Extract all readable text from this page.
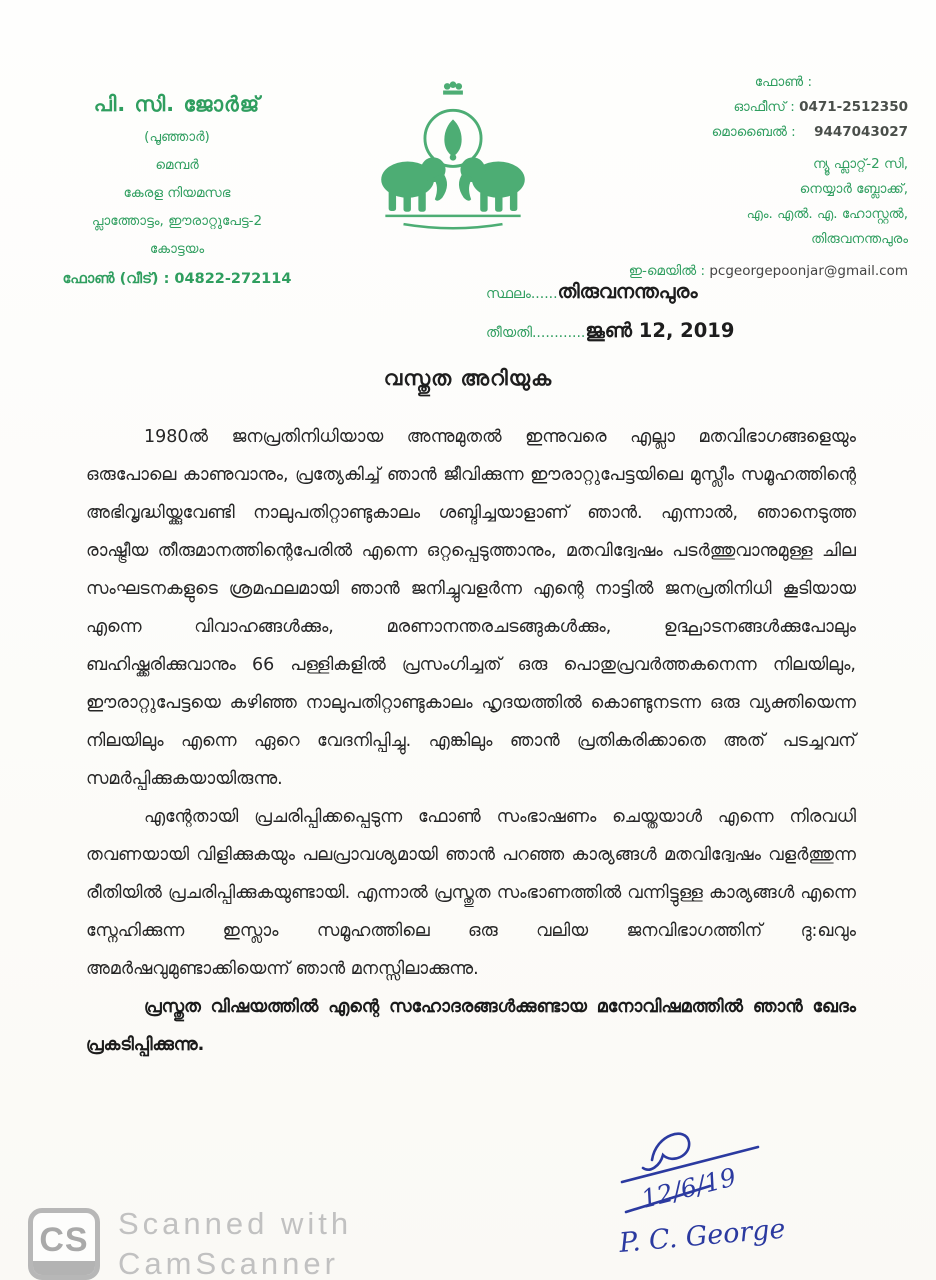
പി. സി. ജോർജ്
(പൂഞ്ഞാർ)
മെമ്പർ
കേരള നിയമസഭ
പ്ലാത്തോട്ടം, ഈരാറ്റുപേട്ട-2
കോട്ടയം
ഫോൺ (വീട്) : 04822-272114
ഫോൺ :
ഓഫീസ് : 0471-2512350
മൊബൈൽ : 9447043027
ന്യൂ ഫ്ലാറ്റ്-2 സി,
നെയ്യാർ ബ്ലോക്ക്,
എം. എൽ. എ. ഹോസ്റ്റൽ,
തിരുവനന്തപുരം
ഇ-മെയിൽ : pcgeorgepoonjar@gmail.com
സ്ഥലം......തിരുവനന്തപുരം
തീയതി............ജൂൺ 12, 2019
വസ്തുത അറിയുക

1980ൽ ജനപ്രതിനിധിയായ അന്നുമുതൽ ഇന്നുവരെ എല്ലാ മതവിഭാഗങ്ങളെയും ഒരുപോലെ കാണുവാനും, പ്രത്യേകിച്ച് ഞാൻ ജീവിക്കുന്ന ഈരാറ്റുപേട്ടയിലെ മുസ്ലീം സമൂഹത്തിന്റെ അഭിവൃദ്ധിയ്ക്കുവേണ്ടി നാലുപതിറ്റാണ്ടുകാലം ശബ്ദിച്ചയാളാണ് ഞാൻ. എന്നാൽ, ഞാനെടുത്ത രാഷ്ട്രീയ തീരുമാനത്തിന്റെപേരിൽ എന്നെ ഒറ്റപ്പെടുത്താനും, മതവിദ്വേഷം പടർത്തുവാനുമുള്ള ചില സംഘടനകളുടെ ശ്രമഫലമായി ഞാൻ ജനിച്ചുവളർന്ന എന്റെ നാട്ടിൽ ജനപ്രതിനിധി കൂടിയായ എന്നെ വിവാഹങ്ങൾക്കും, മരണാനന്തരചടങ്ങുകൾക്കും, ഉദ്ഘാടനങ്ങൾക്കുപോലും ബഹിഷ്ക്കരിക്കുവാനും 66 പള്ളികളിൽ പ്രസംഗിച്ചത് ഒരു പൊതുപ്രവർത്തകനെന്ന നിലയിലും, ഈരാറ്റുപേട്ടയെ കഴിഞ്ഞ നാലുപതിറ്റാണ്ടുകാലം ഹൃദയത്തിൽ കൊണ്ടുനടന്ന ഒരു വ്യക്തിയെന്ന നിലയിലും എന്നെ ഏറെ വേദനിപ്പിച്ചു. എങ്കിലും ഞാൻ പ്രതികരിക്കാതെ അത് പടച്ചവന് സമർപ്പിക്കുകയായിരുന്നു.

എന്റേതായി പ്രചരിപ്പിക്കപ്പെടുന്ന ഫോൺ സംഭാഷണം ചെയ്തയാൾ എന്നെ നിരവധി തവണയായി വിളിക്കുകയും പലപ്രാവശ്യമായി ഞാൻ പറഞ്ഞ കാര്യങ്ങൾ മതവിദ്വേഷം വളർത്തുന്ന രീതിയിൽ പ്രചരിപ്പിക്കുകയുണ്ടായി. എന്നാൽ പ്രസ്തുത സംഭാണത്തിൽ വന്നിട്ടുള്ള കാര്യങ്ങൾ എന്നെ സ്നേഹിക്കുന്ന ഇസ്ലാം സമൂഹത്തിലെ ഒരു വലിയ ജനവിഭാഗത്തിന് ദു:ഖവും അമർഷവുമുണ്ടാക്കിയെന്ന് ഞാൻ മനസ്സിലാക്കുന്നു.

പ്രസ്തുത വിഷയത്തിൽ എന്റെ സഹോദരങ്ങൾക്കുണ്ടായ മനോവിഷമത്തിൽ ഞാൻ ഖേദം പ്രകടിപ്പിക്കുന്നു.

12/6/19
P. C. George
CS Scanned with
CamScanner
